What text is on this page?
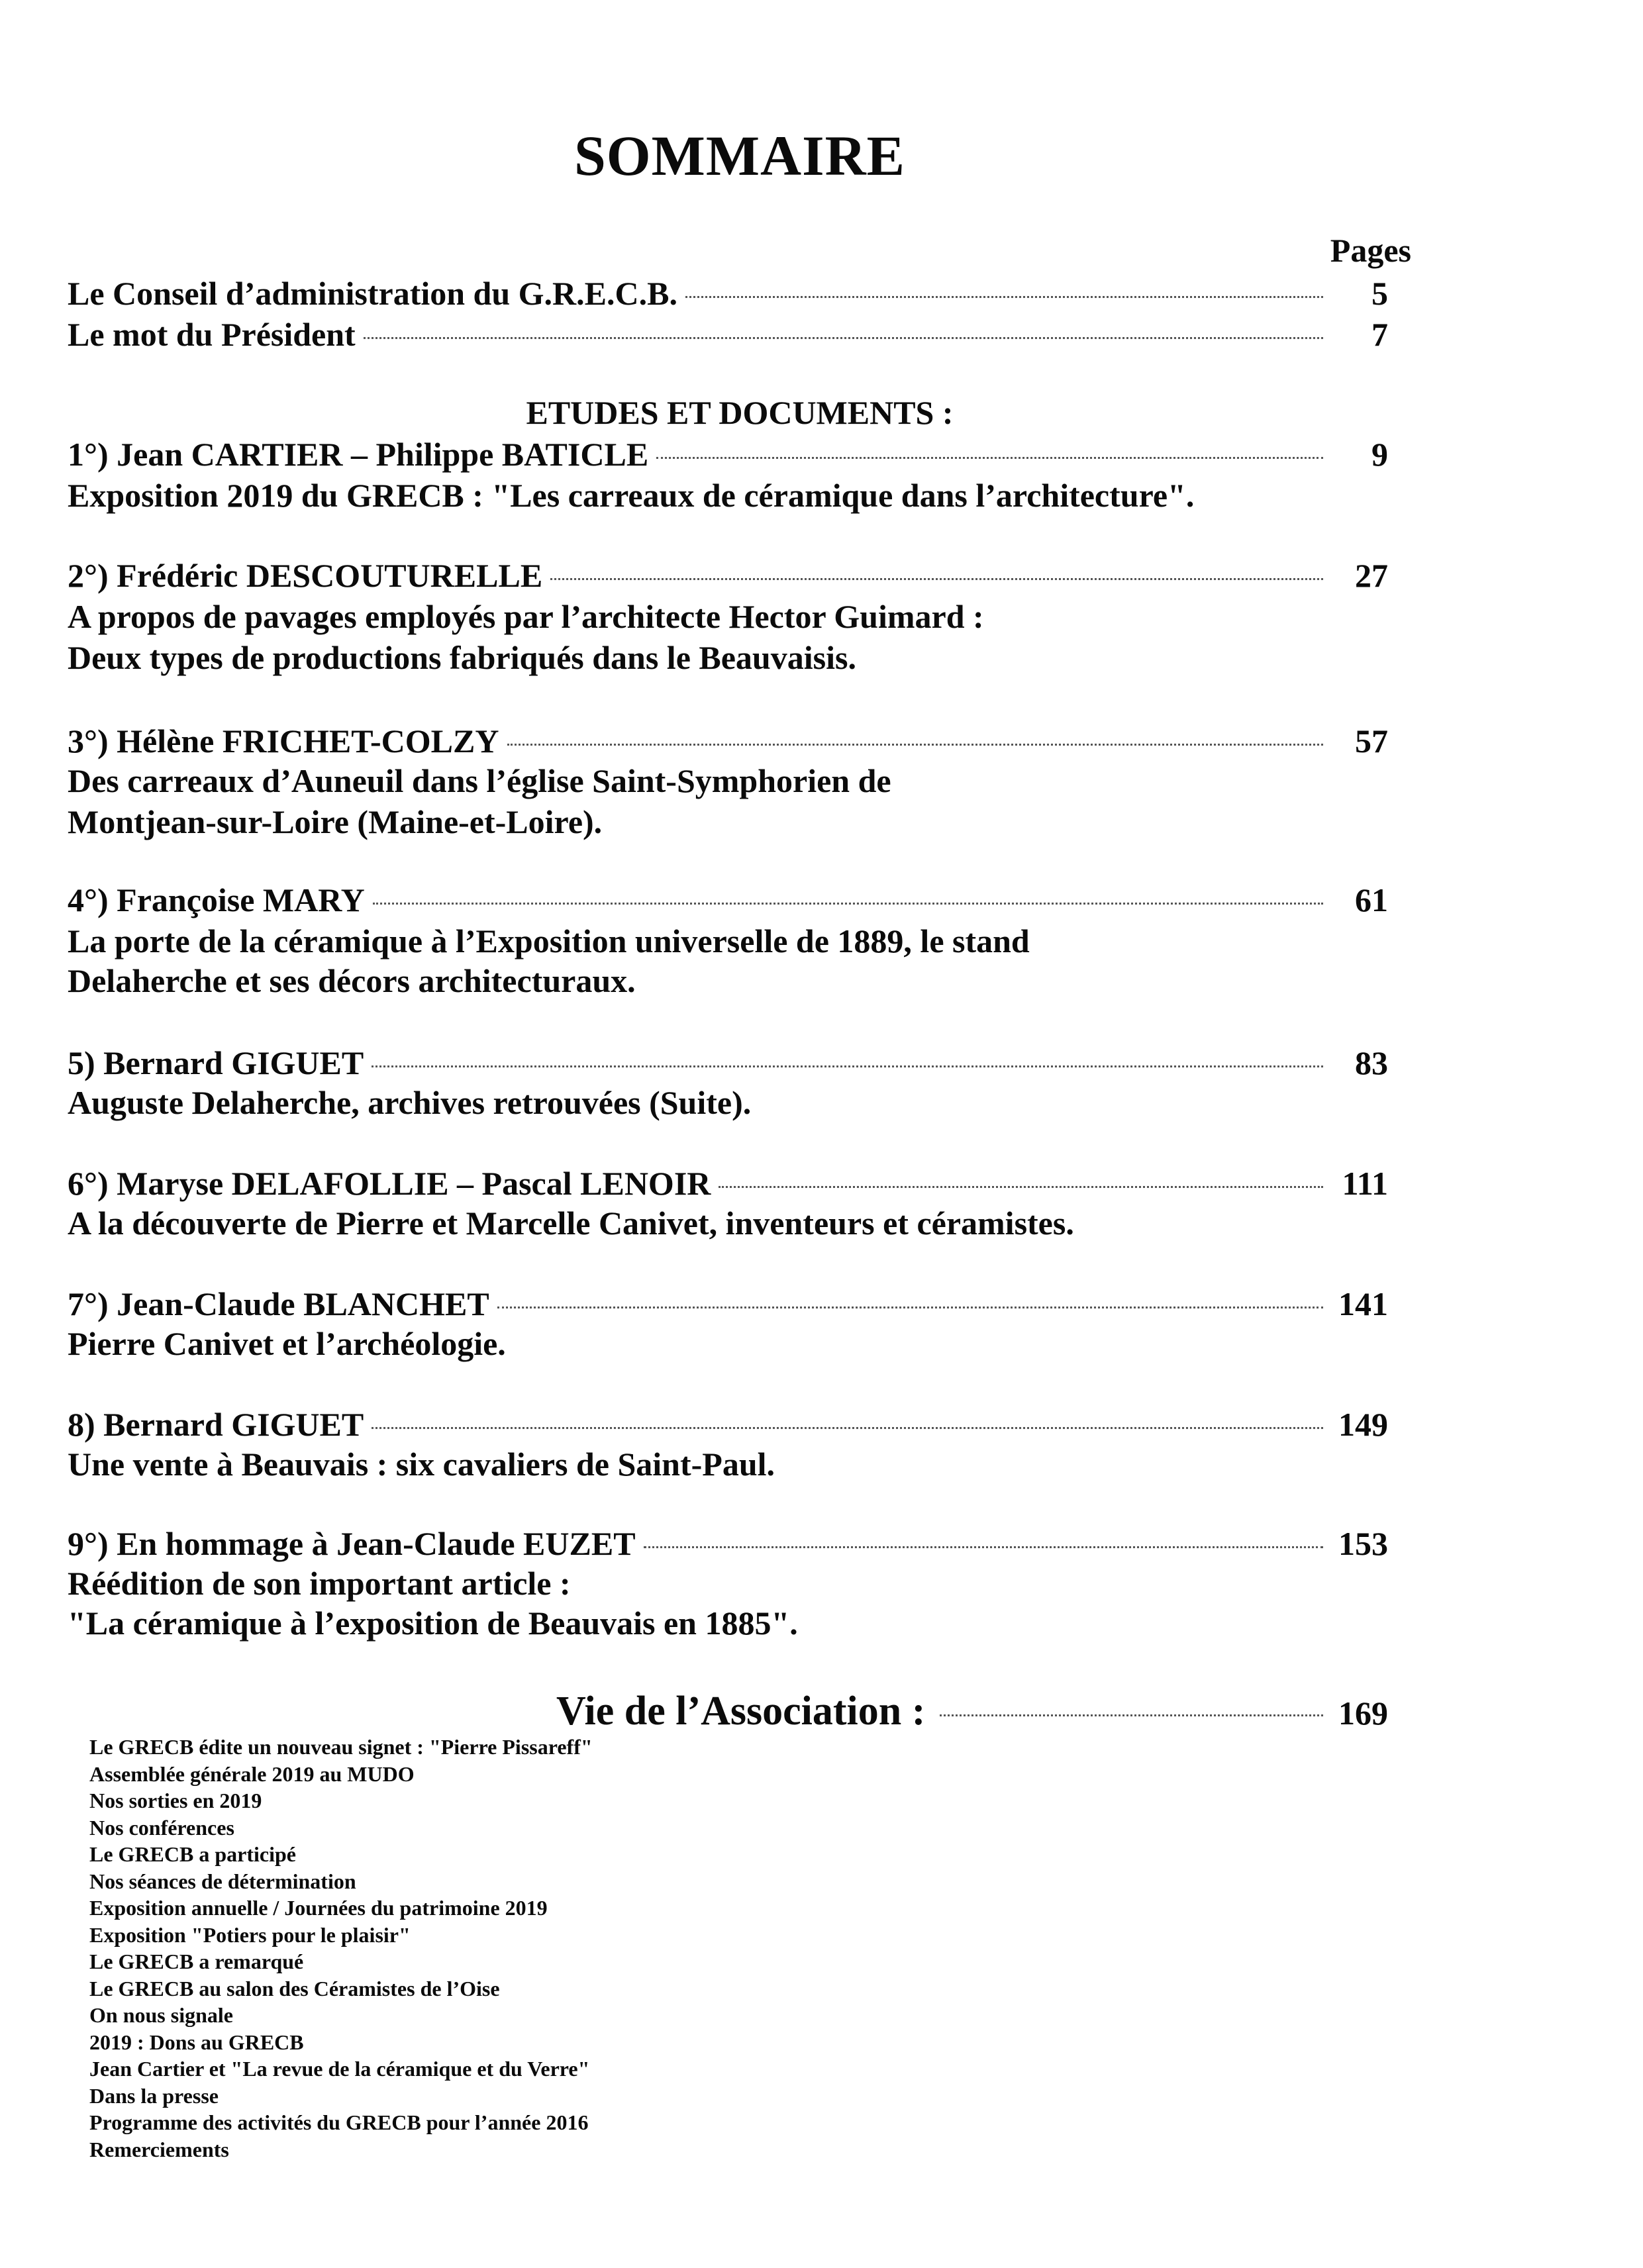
SOMMAIRE
Pages
Le Conseil d’administration du G.R.E.C.B.	5
Le mot du Président	7
ETUDES ET DOCUMENTS :
1°) Jean CARTIER – Philippe BATICLE	9
Exposition 2019 du GRECB : "Les carreaux de céramique dans l’architecture".
2°) Frédéric DESCOUTURELLE	27
A propos de pavages employés par l’architecte Hector Guimard :
Deux types de productions fabriqués dans le Beauvaisis.
3°) Hélène FRICHET-COLZY	57
Des carreaux d’Auneuil dans l’église Saint-Symphorien de
Montjean-sur-Loire (Maine-et-Loire).
4°) Françoise MARY	61
La porte de la céramique à l’Exposition universelle de 1889, le stand
Delaherche et ses décors architecturaux.
5) Bernard GIGUET	83
Auguste Delaherche, archives retrouvées (Suite).
6°) Maryse DELAFOLLIE – Pascal LENOIR	111
A la découverte de Pierre et Marcelle Canivet, inventeurs et céramistes.
7°) Jean-Claude BLANCHET	141
Pierre Canivet et l’archéologie.
8) Bernard GIGUET	149
Une vente à Beauvais : six cavaliers de Saint-Paul.
9°) En hommage à Jean-Claude EUZET	153
Réédition de son important article :
"La céramique à l’exposition de Beauvais en 1885".
Vie de l’Association :	169
Le GRECB édite un nouveau signet : "Pierre Pissareff"
Assemblée générale 2019 au MUDO
Nos sorties en 2019
Nos conférences
Le GRECB a participé
Nos séances de détermination
Exposition annuelle / Journées du patrimoine 2019
Exposition "Potiers pour le plaisir"
Le GRECB a remarqué
Le GRECB au salon des Céramistes de l’Oise
On nous signale
2019 : Dons au GRECB
Jean Cartier et "La revue de la céramique et du Verre"
Dans la presse
Programme des activités du GRECB pour l’année 2016
Remerciements
